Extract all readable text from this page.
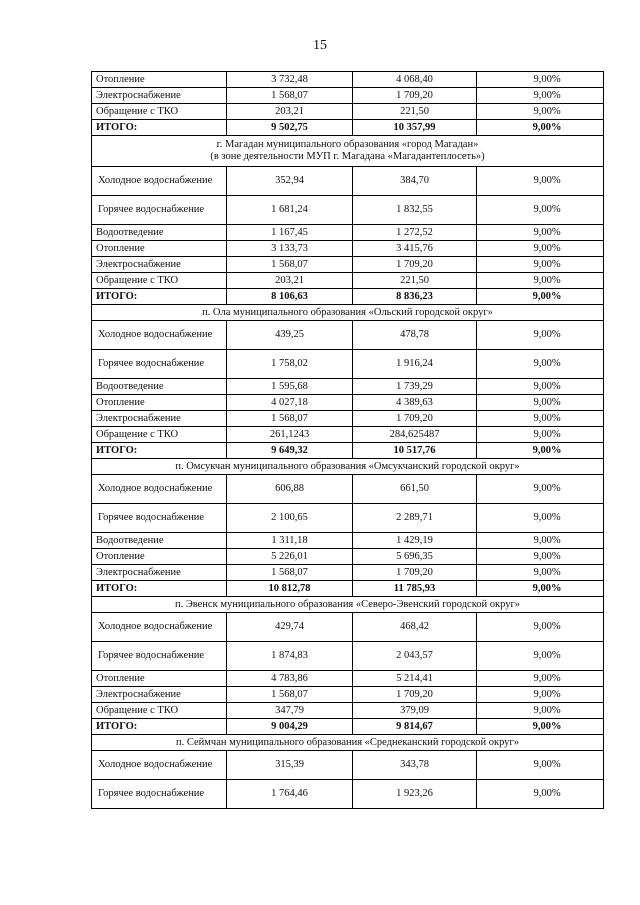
15
Отопление	3 732,48	4 068,40	9,00%
Электроснабжение	1 568,07	1 709,20	9,00%
Обращение с ТКО	203,21	221,50	9,00%
ИТОГО:	9 502,75	10 357,99	9,00%

г. Магадан муниципального образования «город Магадан»
(в зоне деятельности МУП г. Магадана «Магадантеплосеть»)			

Холодное водоснабжение	352,94	384,70	9,00%
Горячее водоснабжение	1 681,24	1 832,55	9,00%
Водоотведение	1 167,45	1 272,52	9,00%
Отопление	3 133,73	3 415,76	9,00%
Электроснабжение	1 568,07	1 709,20	9,00%
Обращение с ТКО	203,21	221,50	9,00%
ИТОГО:	8 106,63	8 836,23	9,00%

п. Ола муниципального образования «Ольский городской округ»			

Холодное водоснабжение	439,25	478,78	9,00%
Горячее водоснабжение	1 758,02	1 916,24	9,00%
Водоотведение	1 595,68	1 739,29	9,00%
Отопление	4 027,18	4 389,63	9,00%
Электроснабжение	1 568,07	1 709,20	9,00%
Обращение с ТКО	261,1243	284,625487	9,00%
ИТОГО:	9 649,32	10 517,76	9,00%

п. Омсукчан муниципального образования «Омсукчанский городской округ»			

Холодное водоснабжение	606,88	661,50	9,00%
Горячее водоснабжение	2 100,65	2 289,71	9,00%
Водоотведение	1 311,18	1 429,19	9,00%
Отопление	5 226,01	5 696,35	9,00%
Электроснабжение	1 568,07	1 709,20	9,00%
ИТОГО:	10 812,78	11 785,93	9,00%

п. Эвенск муниципального образования «Северо-Эвенский городской округ»			

Холодное водоснабжение	429,74	468,42	9,00%
Горячее водоснабжение	1 874,83	2 043,57	9,00%
Отопление	4 783,86	5 214,41	9,00%
Электроснабжение	1 568,07	1 709,20	9,00%
Обращение с ТКО	347,79	379,09	9,00%
ИТОГО:	9 004,29	9 814,67	9,00%

п. Сеймчан муниципального образования «Среднеканский городской округ»			

Холодное водоснабжение	315,39	343,78	9,00%
Горячее водоснабжение	1 764,46	1 923,26	9,00%
